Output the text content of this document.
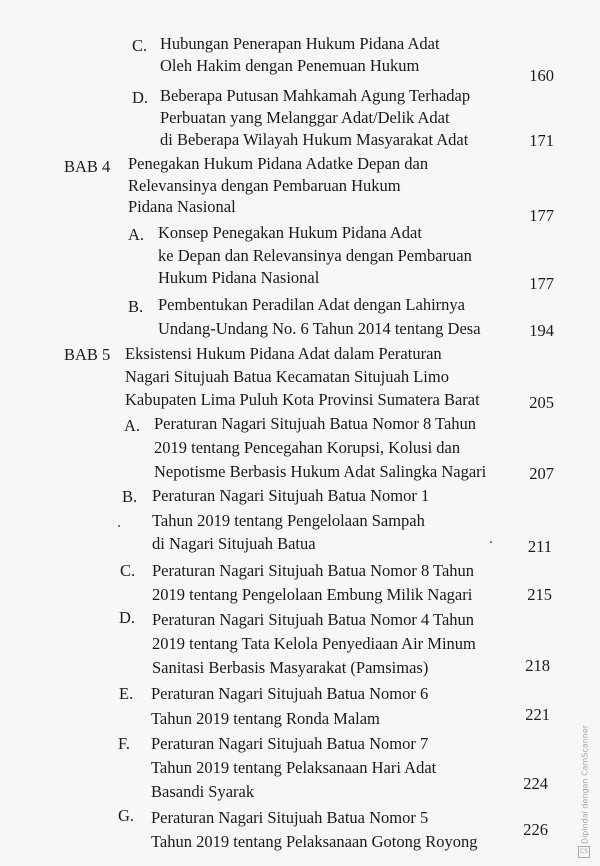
C. Hubungan Penerapan Hukum Pidana Adat
Oleh Hakim dengan Penemuan Hukum
160
D. Beberapa Putusan Mahkamah Agung Terhadap
Perbuatan yang Melanggar Adat/Delik Adat
di Beberapa Wilayah Hukum Masyarakat Adat	171
BAB 4 Penegakan Hukum Pidana Adatke Depan dan
Relevansinya dengan Pembaruan Hukum
Pidana Nasional	177
A. Konsep Penegakan Hukum Pidana Adat
ke Depan dan Relevansinya dengan Pembaruan
Hukum Pidana Nasional	177
B. Pembentukan Peradilan Adat dengan Lahirnya
Undang-Undang No. 6 Tahun 2014 tentang Desa	194
BAB 5 Eksistensi Hukum Pidana Adat dalam Peraturan
Nagari Situjuah Batua Kecamatan Situjuah Limo
Kabupaten Lima Puluh Kota Provinsi Sumatera Barat	205
A. Peraturan Nagari Situjuah Batua Nomor 8 Tahun
2019 tentang Pencegahan Korupsi, Kolusi dan
Nepotisme Berbasis Hukum Adat Salingka Nagari	207
B. Peraturan Nagari Situjuah Batua Nomor 1
Tahun 2019 tentang Pengelolaan Sampah
di Nagari Situjuah Batua	211
C. Peraturan Nagari Situjuah Batua Nomor 8 Tahun
2019 tentang Pengelolaan Embung Milik Nagari	215
D. Peraturan Nagari Situjuah Batua Nomor 4 Tahun
2019 tentang Tata Kelola Penyediaan Air Minum
Sanitasi Berbasis Masyarakat (Pamsimas)	218
E. Peraturan Nagari Situjuah Batua Nomor 6
Tahun 2019 tentang Ronda Malam	221
F. Peraturan Nagari Situjuah Batua Nomor 7
Tahun 2019 tentang Pelaksanaan Hari Adat
Basandi Syarak	224
G. Peraturan Nagari Situjuah Batua Nomor 5
Tahun 2019 tentang Pelaksanaan Gotong Royong
226	Dipindai dengan CamScanner
CS
